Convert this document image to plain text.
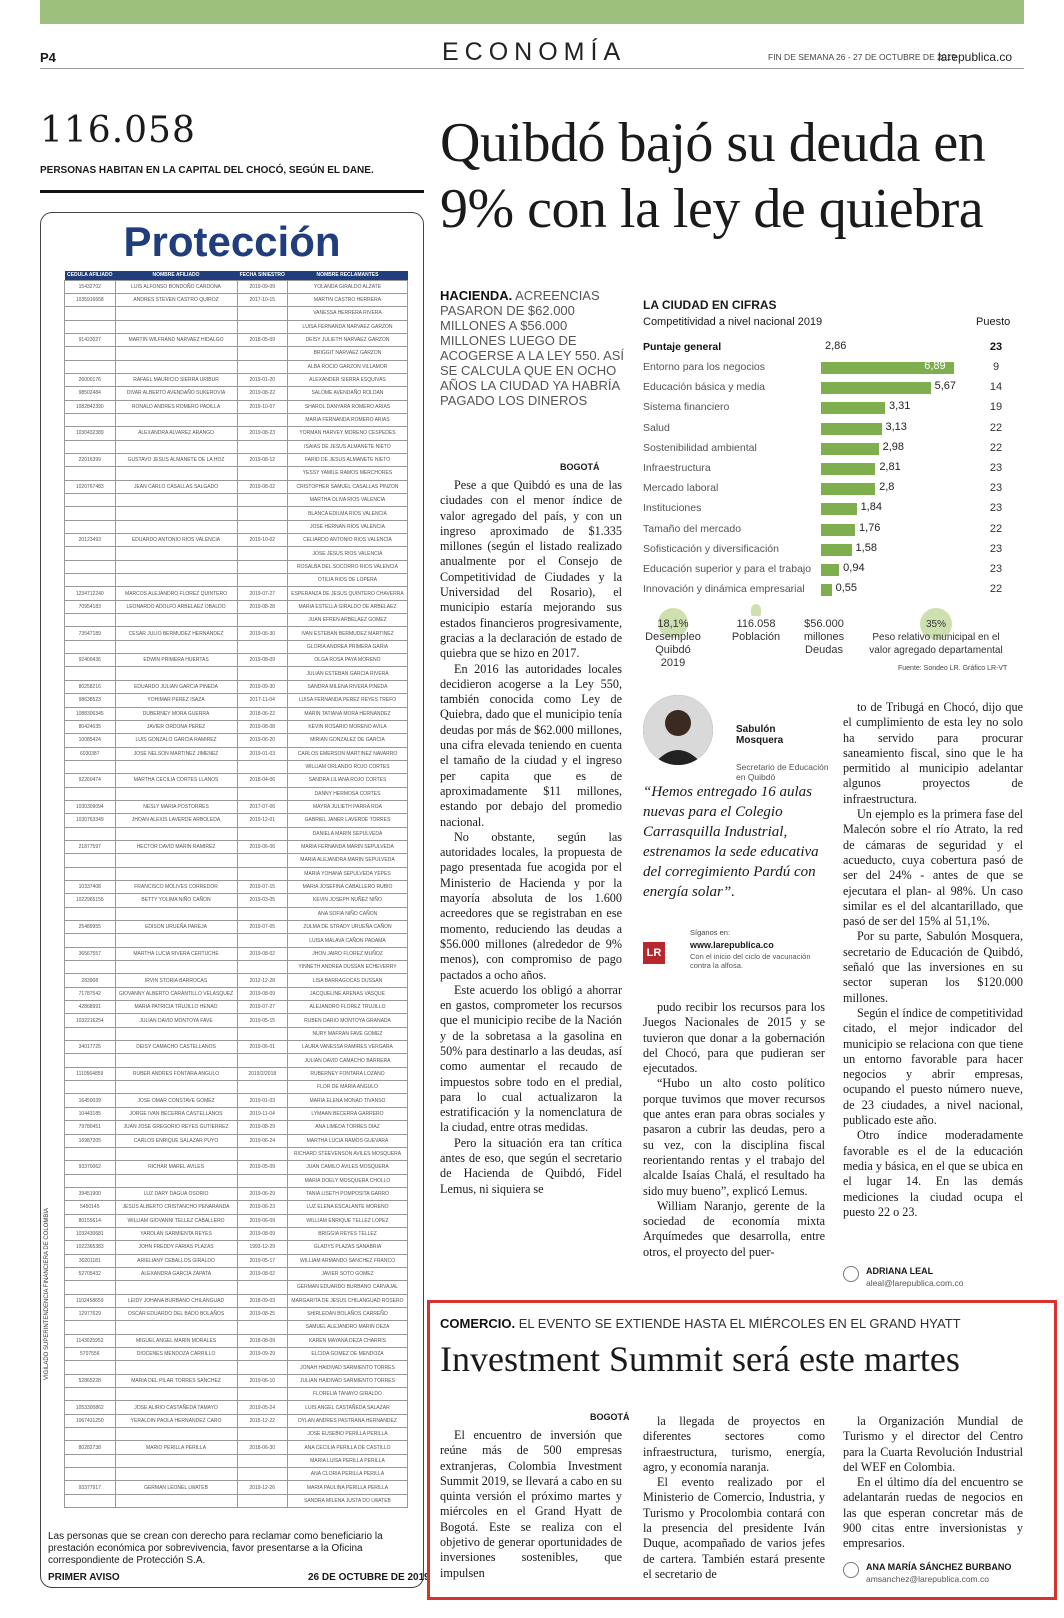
P4	ECONOMÍA	FIN DE SEMANA 26 - 27 DE OCTUBRE DE 2019
larepublica.co
116.058
PERSONAS HABITAN EN LA CAPITAL DEL CHOCÓ, SEGÚN EL DANE.
Protección
CEDULA AFILIADO	NOMBRE AFILIADO	FECHA SINIESTRO	NOMBRE RECLAMANTES
15432702	LUIS ALFONSO BONDOÑO CARDONA	2019-09-09	YOLANDA GIRALDO ALZATE
1035916658	ANDRES STEVEN CASTRO QUIROZ	2017-10-15	MARTIN CASTRO HERRERA
			VANESSA HERRERA RIVERA
			LUISA FERNANDA NARVAEZ GARZON
91423027	MARTIN WILFRAND NARVAEZ HIDALGO	2018-05-09	DEISY JULIETH NARVAEZ GARZON
			BRIGGIT NARVAEZ GARZON
			ALBA ROCIO GARZON VILLAMOR
26000176	RAFAEL MAURICIO SIERRA URIBUR	2019-01-20	ALEXANDER SIERRA ESQUIVAS
98502484	DIVAR ALBERTO AVENDAÑO SUKEROVIA	2019-08-22	SALOME AVENDAÑO ROLDAN
1082842390	RONALD ANDRES ROMERO PADILLA	2019-10-07	SHAROL DANYARA ROMERO ARIAS
			MARIA FERNANDA ROMERO ARIAS
1030432389	ALEXANDRA ALVAREZ ARANGO	2019-08-23	YORMAN HARVEY MORENO CESPEDES
			ISAIAS DE JESUS ALMANETE NIETO
22016399	GUSTAVO JESUS ALMANETE DE LA HOZ	2019-08-12	FARID DE JESUS ALMANETE NIETO
			YESSY YAMILE RAMOS MERCHORES
1020767483	JEAN CARLO CASALLAS SALGADO	2019-08-02	CRISTOPHER SAMUEL CASALLAS PINZON
			MARTHA OLIVA RIOS VALENCIA
			BLANCA EDILMA RIOS VALENCIA
			JOSE HERNAN RIOS VALENCIA
20123493	EDUARDO ANTONIO RIOS VALENCIA	2019-10-02	CELIARDO ANTONIO RIOS VALENCIA
			JOSE JESUS RIOS VALENCIA
			ROSALBA DEL SOCORRO RIOS VALENCIA
			OTILIA RIOS DE LOPERA
1234712240	MARCOS ALEJANDRO FLOREZ QUINTERO	2019-07-27	ESPERANZA DE JESUS QUINTERO CHAVERRA
70954183	LEONARDO ADOLFO ARBELAEZ OBALDO	2019-08-28	MARIA ESTELLA GIRALDO DE ARBELAEZ
			JUAN EFREN ARBELAEZ GOMEZ
73547189	CESAR JULIO BERMUDEZ HERNANDEZ	2019-06-30	IVAN ESTEBAN BERMUDEZ MARTINEZ
			GLORIA ANDREA PRIMERA GARIA
92400436	EDWIN PRIMERA HUERTAS	2019-08-09	OLGA ROSA PAYA MORENO
			JULIAN ESTEBAN GARCIA RIVERA
80258216	EDUARDO JULIAN GARCIA PINEDA	2019-09-30	SANDRA MILENA RIVERA PINEDA
98638523	YOHIMAR PEREZ ISAZA	2017-11-04	LUISA FERNANDA PEREZ REYES TREFO
1088306345	DUBERNEY MORA GUERRA	2018-06-22	MARIN TATIANA MORA HERNANDEZ
80424035	JAVIER ORDONA PEREZ	2019-08-08	KEVIN ROSARIO MORENO AVILA
10085424	LUIS GONZALO GARCIA RAMIREZ	2019-06-20	MIRIAN GONZALEZ DE GARCIA
6030387	JOSE NELSON MARTINEZ JIMENEZ	2019-01-03	CARLOS EMERSON MARTINEZ NAVARRO
			WILLIAM ORLANDO ROJO CORTES
92260474	MARTHA CECILIA CORTES LLANOS	2018-04-06	SANDRA LILIANA ROJO CORTES
			DANNY HERMOSA CORTES
1030309094	NESLY MARIA POSTORRES	2017-07-06	MAYRA JULIETH PARRA ROA
1030763349	JHOAN ALEXIS LAVERDE ARBOLEDA	2019-12-01	GABRIEL JANER LAVERDE TORRES
			DANIELA MARIN SEPULVEDA
21877597	HECTOR DAVID MARIN RAMIREZ	2019-06-06	MARIA FERNANDA MARIN SEPULVEDA
			MARIA ALEJANDRA MARIN SEPULVEDA
			MARIA YOHANA SEPULVEDA YEPES
10337408	FRANCISCO MOLIVES CORREDOR	2019-07-15	MARIA JOSEFINA CABALLERO RUBIO
1022965155	BETTY YOLIMA NIÑO CAÑON	2019-03-05	KEVIN JOSEPH NUÑEZ NIÑO
			ANA SOFIA NIÑO CAÑON
25489955	EDISON URUEÑA PAREJA	2019-07-05	ZULMA DE STRADY URUEÑA CAÑON
			LUISA MALAVA CAÑON PADAMA
36567557	MARTHA LUCIA RIVERA CERTUCHE	2019-08-02	JHON JAIRO FLOREZ MUÑOZ
			YINNETH ANDREA DUSSAN ECHEVERRY
283908	IRVIN STORIA BARROCAS	2012-12-28	LISA BARRAGOCAS DUSSAN
71787542	GIOVANNY ALBERTO CARANTILLO VELASQUEZ	2019-08-09	JACQUELINE ARENAS VASQUE
42868991	MARIA PATRICIA TRUJILLO HENAO	2019-07-27	ALEJANDRO FLOREZ TRUJILLO
1032216254	JULIAN DAVID MONTOYA FAVE	2019-05-15	RUBEN DARIO MONTOYA GRANADA
			NURY MAFRAN FAVE GOMEZ
34017725	DEISY CAMACHO CASTELLANOS	2019-06-01	LAURA VANESSA RAMIRES VERGARA
			JULIAN DAVID CAMACHO BARRERA
1110564859	RUBER ANDRES FONTARA ANGULO	2019/2/2018	RUBERNEY FONTARA LOZANO
			FLOR DE MARIA ANGULO
16450039	JOSE OMAR CONSTAVE GOMEZ	2019-01-03	MARIA ELENA MONAD TIVANSO
10443185	JORGE IVAN BECERRA CASTELLANOS	2019-11-04	LYMAAN BECERRA GARRERO
79780451	JUAN JOSE GREGORIO REYES GUTIERREZ	2019-08-29	ANA LIMEDA TORRES DIAZ
16987205	CARLOS ENRIQUE SALAZAR PUYO	2019-06-24	MARTHA LUCIA RAMOS GUEVARA
			RICHARD STEEVENSON AVILES MOSQUERA
93370062	RICHAR MAREL AVILES	2019-05-09	JUAN CAMILO AVILES MOSQUERA
			MARIA DOELY MOSQUERA CHOLLO
39451900	LUZ DARY DAGUA OSORIO	2019-06-29	TANIA LISETH POMPOSITA GARRO
5450145	JESUS ALBERTO CRISTANCHO PENARANDA	2019-06-23	LUZ ELENA ESCALANTE MORENO
80155614	WILLIAM GIOVANNI TELLEZ CABALLERO	2019-06-09	WILLIAM ENRIQUE TELLEZ LOPEZ
1032430681	YARDLAN SARMIENTA REYES	2019-08-09	BRIGGIA REYES TELLEZ
1022365383	JOHN FREDDY FARIAS PLAZAS	1993-12-29	GLADYS PLAZAS SANABRIA
30201181	ARIELIANY CEBALLOS GIRALDO	2019-05-17	WILLIAM ARMANDO SANCHEZ FRANCO
52705432	ALEXANDRA GARCIA ZAPATA	2019-08-02	JAVIER SOTO GOMEZ
			GERMAN EDUARDO BURBANO CARVAJAL
1102458659	LEIDY JOHANA BURBANO CHILANGUAD	2018-09-03	MARGARITA DE JESUS CHILANGUAD ROSERO
12977629	OSCAR EDUARDO DEL BADO BOLAÑOS	2019-08-25	SHIRLEDAN BOLAÑOS CARREÑO
			SAMUEL ALEJANDRO MARIN DEZA
1143025952	MIGUEL ANGEL MARIN MORALES	2018-08-09	KAREN MAYANA DEZA CHARRIS
5707556	DIOCENES MENDOZA CARRILLO	2019-09-29	ELCIDA GOMEZ DE MENDOZA
			JONAH HAIDIVAD SARMIENTO TORRES
52865228	MARIA DEL PILAR TORRES SANCHEZ	2019-06-10	JULIAN HAIDIVAD SARMIENTO TORRES
			FLORELIA TANAYO GIRALDO
1053300862	JOSE ALIRIO CASTAÑEDA TAMAYO	2019-05-24	LUIS ANGEL CASTAÑEDA SALAZAR
1067431250	YERALDIN PAOLA HERNANDEZ CARO	2015-12-22	DYLAN ANDRES PASTRANA HERNANDEZ
			JOSE EUSEBIO PERILLA PERILLA
80282738	MARIO PERILLA PERILLA	2018-06-30	ANA CECILIA PERILLA DE CASTILLO
			MARIA LUISA PERILLA PERILLA
			ANA CLORIA PERILLA PERILLA
93377917	GERMAN LEONEL LWATEB	2019-12-26	MARIA PAULINA PERILLA PERILLA
			SANDRA MILENA JUSTA DO LWATEB
VIGILADO SUPERINTENDENCIA FINANCIERA DE COLOMBIA
Las personas que se crean con derecho para reclamar como beneficiario la prestación económica por sobrevivencia, favor presentarse a la Oficina correspondiente de Protección S.A.
PRIMER AVISO	26 DE OCTUBRE DE 2019
Quibdó bajó su deuda en 9% con la ley de quiebra
HACIENDA. ACREENCIAS PASARON DE $62.000 MILLONES A $56.000 MILLONES LUEGO DE ACOGERSE A LA LEY 550. ASÍ SE CALCULA QUE EN OCHO AÑOS LA CIUDAD YA HABRÍA PAGADO LOS DINEROS
BOGOTÁ

Pese a que Quibdó es una de las ciudades con el menor índice de valor agregado del país, y con un ingreso aproximado de $1.335 millones (según el listado realizado anualmente por el Consejo de Competitividad de Ciudades y la Universidad del Rosario), el municipio estaría mejorando sus estados financieros progresivamente, gracias a la declaración de estado de quiebra que se hizo en 2017.

En 2016 las autoridades locales decidieron acogerse a la Ley 550, también conocida como Ley de Quiebra, dado que el municipio tenía deudas por más de $62.000 millones, una cifra elevada teniendo en cuenta el tamaño de la ciudad y el ingreso per capita que es de aproximadamente $11 millones, estando por debajo del promedio nacional.

No obstante, según las autoridades locales, la propuesta de pago presentada fue acogida por el Ministerio de Hacienda y por la mayoría absoluta de los 1.600 acreedores que se registraban en ese momento, reduciendo las deudas a $56.000 millones (alrededor de 9% menos), con compromiso de pago pactados a ocho años.

Este acuerdo los obligó a ahorrar en gastos, comprometer los recursos que el municipio recibe de la Nación y de la sobretasa a la gasolina en 50% para destinarlo a las deudas, así como aumentar el recaudo de impuestos sobre todo en el predial, para lo cual actualizaron la estratificación y la nomenclatura de la ciudad, entre otras medidas.

Pero la situación era tan crítica antes de eso, que según el secretario de Hacienda de Quibdó, Fidel Lemus, ni siquiera se

pudo recibir los recursos para los Juegos Nacionales de 2015 y se tuvieron que donar a la gobernación del Chocó, para que pudieran ser ejecutados.

“Hubo un alto costo político porque tuvimos que mover recursos que antes eran para obras sociales y pasaron a cubrir las deudas, pero a su vez, con la disciplina fiscal reorientando rentas y el trabajo del alcalde Isaías Chalá, el resultado ha sido muy bueno”, explicó Lemus.

William Naranjo, gerente de la sociedad de economía mixta Arquímedes que desarrolla, entre otros, el proyecto del puer-

to de Tribugá en Chocó, dijo que el cumplimiento de esta ley no solo ha servido para procurar saneamiento fiscal, sino que le ha permitido al municipio adelantar algunos proyectos de infraestructura.

Un ejemplo es la primera fase del Malecón sobre el río Atrato, la red de cámaras de seguridad y el acueducto, cuya cobertura pasó de ser del 24% - antes de que se ejecutara el plan- al 98%. Un caso similar es el del alcantarillado, que pasó de ser del 15% al 51,1%.

Por su parte, Sabulón Mosquera, secretario de Educación de Quibdó, señaló que las inversiones en su sector superan los $120.000 millones.

Según el índice de competitividad citado, el mejor indicador del municipio se relaciona con que tiene un entorno favorable para hacer negocios y abrir empresas, ocupando el puesto número nueve, de 23 ciudades, a nivel nacional, publicado este año.

Otro índice moderadamente favorable es el de la educación media y básica, en el que se ubica en el lugar 14. En las demás mediciones la ciudad ocupa el puesto 22 o 23.

LA CIUDAD EN CIFRAS
Competitividad a nivel nacional 2019	Puesto
Puntaje general	2,86	23
Entorno para los negocios	6,89	9
Educación básica y media	5,67	14
Sistema financiero	3,31	19
Salud	3,13	22
Sostenibilidad ambiental	2,98	22
Infraestructura	2,81	23
Mercado laboral	2,8	23
Instituciones	1,84	23
Tamaño del mercado	1,76	22
Sofisticación y diversificación	1,58	23
Educación superior y para el trabajo	0,94	23
Innovación y dinámica empresarial	0,55	22
18,1%
Desempleo Quibdó 2019
116.058
Población
$56.000 millones
Deudas
35%
Peso relativo municipal en el valor agregado departamental
Fuente: Sondeo LR. Gráfico LR-VT
Sabulón Mosquera
Secretario de Educación en Quibdó
“Hemos entregado 16 aulas nuevas para el Colegio Carrasquilla Industrial, estrenamos la sede educativa del corregimiento Pardú con energía solar”.
LR
Síganos en:
www.larepublica.co
Con el inicio del ciclo de vacunación contra la alfosa.
ADRIANA LEAL
aleal@larepublica.com.co
COMERCIO. EL EVENTO SE EXTIENDE HASTA EL MIÉRCOLES EN EL GRAND HYATT
Investment Summit será este martes
BOGOTÁ

El encuentro de inversión que reúne más de 500 empresas extranjeras, Colombia Investment Summit 2019, se llevará a cabo en su quinta versión el próximo martes y miércoles en el Grand Hyatt de Bogotá. Este se realiza con el objetivo de generar oportunidades de inversiones sostenibles, que impulsen

la llegada de proyectos en diferentes sectores como infraestructura, turismo, energía, agro, y economía naranja.

El evento realizado por el Ministerio de Comercio, Industria, y Turismo y Procolombia contará con la presencia del presidente Iván Duque, acompañado de varios jefes de cartera. También estará presente el secretario de

la Organización Mundial de Turismo y el director del Centro para la Cuarta Revolución Industrial del WEF en Colombia.

En el último día del encuentro se adelantarán ruedas de negocios en las que esperan concretar más de 900 citas entre inversionistas y empresarios.

ANA MARÍA SÁNCHEZ BURBANO
amsanchez@larepublica.com.co
